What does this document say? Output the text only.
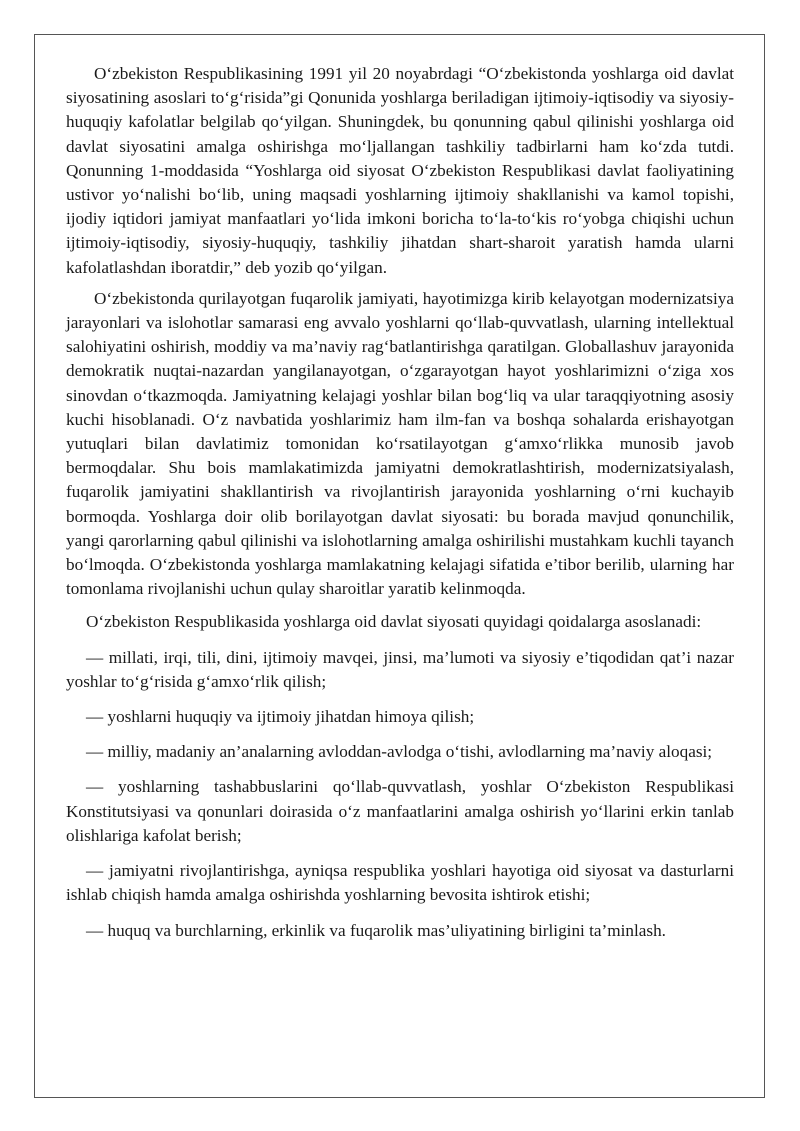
O‘zbekiston Respublikasining 1991 yil 20 noyabrdagi “O‘zbekistonda yoshlarga oid davlat siyosatining asoslari to‘g‘risida”gi Qonunida yoshlarga beriladigan ijtimoiy-iqtisodiy va siyosiy-huquqiy kafolatlar belgilab qo‘yilgan. Shuningdek, bu qonunning qabul qilinishi yoshlarga oid davlat siyosatini amalga oshirishga mo‘ljallangan tashkiliy tadbirlarni ham ko‘zda tutdi. Qonunning 1-moddasida “Yoshlarga oid siyosat O‘zbekiston Respublikasi davlat faoliyatining ustivor yo‘nalishi bo‘lib, uning maqsadi yoshlarning ijtimoiy shakllanishi va kamol topishi, ijodiy iqtidori jamiyat manfaatlari yo‘lida imkoni boricha to‘la-to‘kis ro‘yobga chiqishi uchun ijtimoiy-iqtisodiy, siyosiy-huquqiy, tashkiliy jihatdan shart-sharoit yaratish hamda ularni kafolatlashdan iboratdir,” deb yozib qo‘yilgan.

O‘zbekistonda qurilayotgan fuqarolik jamiyati, hayotimizga kirib kelayotgan modernizatsiya jarayonlari va islohotlar samarasi eng avvalo yoshlarni qo‘llab-quvvatlash, ularning intellektual salohiyatini oshirish, moddiy va ma’naviy rag‘batlantirishga qaratilgan. Globallashuv jarayonida demokratik nuqtai-nazardan yangilanayotgan, o‘zgarayotgan hayot yoshlarimizni o‘ziga xos sinovdan o‘tkazmoqda. Jamiyatning kelajagi yoshlar bilan bog‘liq va ular taraqqiyotning asosiy kuchi hisoblanadi. O‘z navbatida yoshlarimiz ham ilm-fan va boshqa sohalarda erishayotgan yutuqlari bilan davlatimiz tomonidan ko‘rsatilayotgan g‘amxo‘rlikka munosib javob bermoqdalar. Shu bois mamlakatimizda jamiyatni demokratlashtirish, modernizatsiyalash, fuqarolik jamiyatini shakllantirish va rivojlantirish jarayonida yoshlarning o‘rni kuchayib bormoqda. Yoshlarga doir olib borilayotgan davlat siyosati: bu borada mavjud qonunchilik, yangi qarorlarning qabul qilinishi va islohotlarning amalga oshirilishi mustahkam kuchli tayanch bo‘lmoqda. O‘zbekistonda yoshlarga mamlakatning kelajagi sifatida e’tibor berilib, ularning har tomonlama rivojlanishi uchun qulay sharoitlar yaratib kelinmoqda.

O‘zbekiston Respublikasida yoshlarga oid davlat siyosati quyidagi qoidalarga asoslanadi:

— millati, irqi, tili, dini, ijtimoiy mavqei, jinsi, ma’lumoti va siyosiy e’tiqodidan qat’i nazar yoshlar to‘g‘risida g‘amxo‘rlik qilish;

— yoshlarni huquqiy va ijtimoiy jihatdan himoya qilish;

— milliy, madaniy an’analarning avloddan-avlodga o‘tishi, avlodlarning ma’naviy aloqasi;

— yoshlarning tashabbuslarini qo‘llab-quvvatlash, yoshlar O‘zbekiston Respublikasi Konstitutsiyasi va qonunlari doirasida o‘z manfaatlarini amalga oshirish yo‘llarini erkin tanlab olishlariga kafolat berish;

— jamiyatni rivojlantirishga, ayniqsa respublika yoshlari hayotiga oid siyosat va dasturlarni ishlab chiqish hamda amalga oshirishda yoshlarning bevosita ishtirok etishi;

— huquq va burchlarning, erkinlik va fuqarolik mas’uliyatining birligini ta’minlash.
